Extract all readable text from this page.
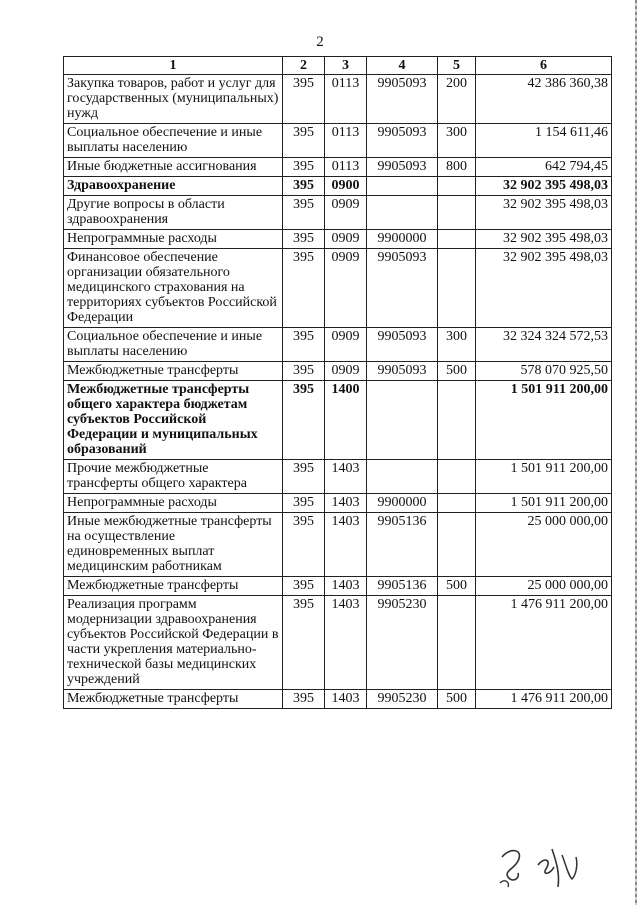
2
1	2	3	4	5	6
Закупка товаров, работ и услуг для государственных (муниципальных) нужд	395	0113	9905093	200	42 386 360,38
Социальное обеспечение и иные выплаты населению	395	0113	9905093	300	1 154 611,46
Иные бюджетные ассигнования	395	0113	9905093	800	642 794,45
Здравоохранение	395	0900			32 902 395 498,03
Другие вопросы в области здравоохранения	395	0909			32 902 395 498,03
Непрограммные расходы	395	0909	9900000		32 902 395 498,03
Финансовое обеспечение организации обязательного медицинского страхования на территориях субъектов Российской Федерации	395	0909	9905093		32 902 395 498,03
Социальное обеспечение и иные выплаты населению	395	0909	9905093	300	32 324 324 572,53
Межбюджетные трансферты	395	0909	9905093	500	578 070 925,50
Межбюджетные трансферты общего характера бюджетам субъектов Российской Федерации и муниципальных образований	395	1400			1 501 911 200,00
Прочие межбюджетные трансферты общего характера	395	1403			1 501 911 200,00
Непрограммные расходы	395	1403	9900000		1 501 911 200,00
Иные межбюджетные трансферты на осуществление единовременных выплат медицинским работникам	395	1403	9905136		25 000 000,00
Межбюджетные трансферты	395	1403	9905136	500	25 000 000,00
Реализация программ модернизации здравоохранения субъектов Российской Федерации в части укрепления материально-технической базы медицинских учреждений	395	1403	9905230		1 476 911 200,00
Межбюджетные трансферты	395	1403	9905230	500	1 476 911 200,00
